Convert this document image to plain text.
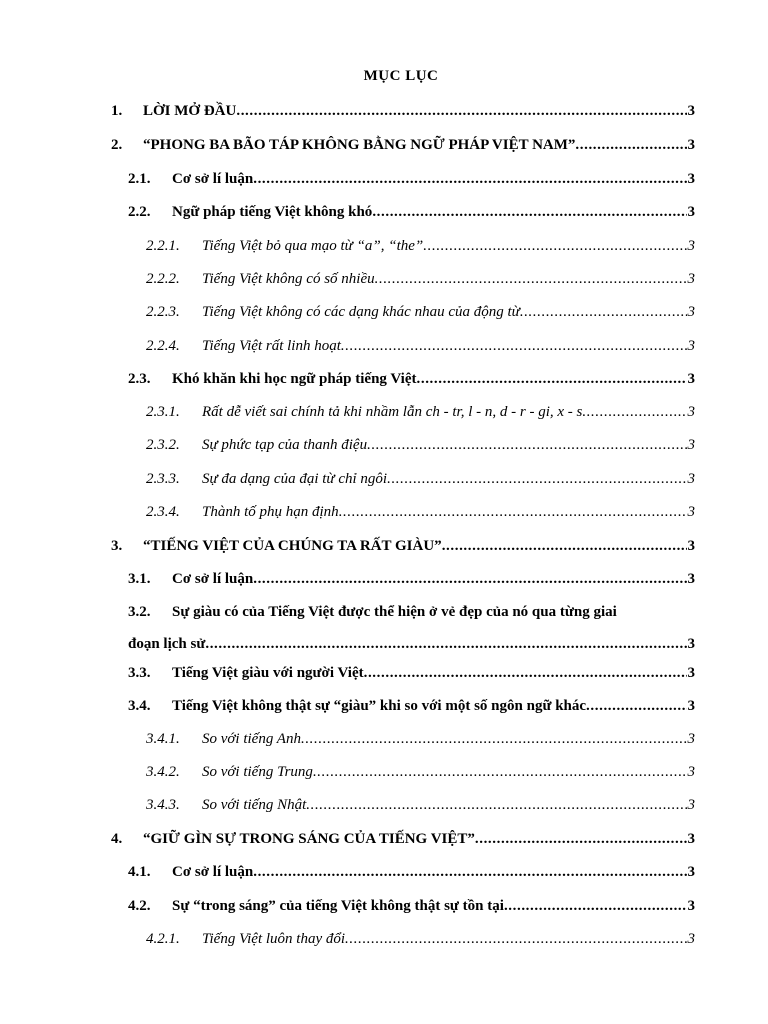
MỤC LỤC
1.	LỜI MỞ ĐẦU .....	3
2.	“PHONG BA BÃO TÁP KHÔNG BẰNG NGỮ PHÁP VIỆT NAM” .....	3
2.1.	Cơ sở lí luận .....	3
2.2.	Ngữ pháp tiếng Việt không khó .....	3
2.2.1.	Tiếng Việt bỏ qua mạo từ “a”, “the” .....	3
2.2.2.	Tiếng Việt không có số nhiều .....	3
2.2.3.	Tiếng Việt không có các dạng khác nhau của động từ .....	3
2.2.4.	Tiếng Việt rất linh hoạt .....	3
2.3.	Khó khăn khi học ngữ pháp tiếng Việt .....	3
2.3.1.	Rất dễ viết sai chính tả khi nhầm lẫn ch - tr, l - n, d - r - gi, x - s .....	3
2.3.2.	Sự phức tạp của thanh điệu .....	3
2.3.3.	Sự đa dạng của đại từ chỉ ngôi .....	3
2.3.4.	Thành tố phụ hạn định .....	3
3.	“TIẾNG VIỆT CỦA CHÚNG TA RẤT GIÀU” .....	3
3.1.	Cơ sở lí luận .....	3
3.2.	Sự giàu có của Tiếng Việt được thể hiện ở vẻ đẹp của nó qua từng giai
đoạn lịch sử .....	3
3.3.	Tiếng Việt giàu với người Việt .....	3
3.4.	Tiếng Việt không thật sự “giàu” khi so với một số ngôn ngữ khác .....	3
3.4.1.	So với tiếng Anh .....	3
3.4.2.	So với tiếng Trung .....	3
3.4.3.	So với tiếng Nhật .....	3
4.	“GIỮ GÌN SỰ TRONG SÁNG CỦA TIẾNG VIỆT” .....	3
4.1.	Cơ sở lí luận .....	3
4.2.	Sự “trong sáng” của tiếng Việt không thật sự tồn tại .....	3
4.2.1.	Tiếng Việt luôn thay đổi .....	3
